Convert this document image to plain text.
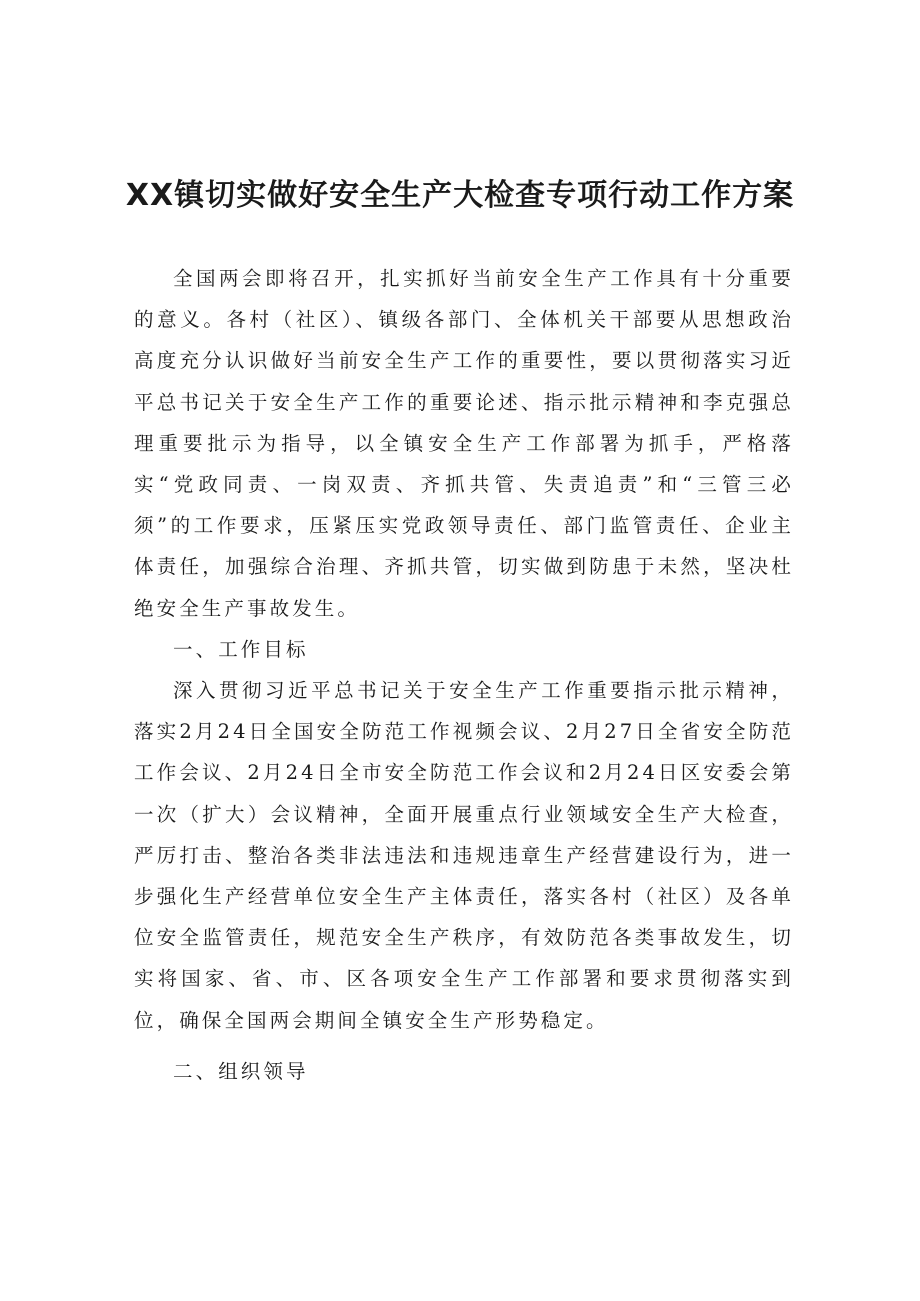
XX镇切实做好安全生产大检查专项行动工作方案

全国两会即将召开，扎实抓好当前安全生产工作具有十分重要的意义。各村（社区）、镇级各部门、全体机关干部要从思想政治高度充分认识做好当前安全生产工作的重要性，要以贯彻落实习近平总书记关于安全生产工作的重要论述、指示批示精神和李克强总理重要批示为指导，以全镇安全生产工作部署为抓手，严格落实“党政同责、一岗双责、齐抓共管、失责追责”和“三管三必须”的工作要求，压紧压实党政领导责任、部门监管责任、企业主体责任，加强综合治理、齐抓共管，切实做到防患于未然，坚决杜绝安全生产事故发生。

一、工作目标

深入贯彻习近平总书记关于安全生产工作重要指示批示精神，落实2月24日全国安全防范工作视频会议、2月27日全省安全防范工作会议、2月24日全市安全防范工作会议和2月24日区安委会第一次（扩大）会议精神，全面开展重点行业领域安全生产大检查，严厉打击、整治各类非法违法和违规违章生产经营建设行为，进一步强化生产经营单位安全生产主体责任，落实各村（社区）及各单位安全监管责任，规范安全生产秩序，有效防范各类事故发生，切实将国家、省、市、区各项安全生产工作部署和要求贯彻落实到位，确保全国两会期间全镇安全生产形势稳定。

二、组织领导
